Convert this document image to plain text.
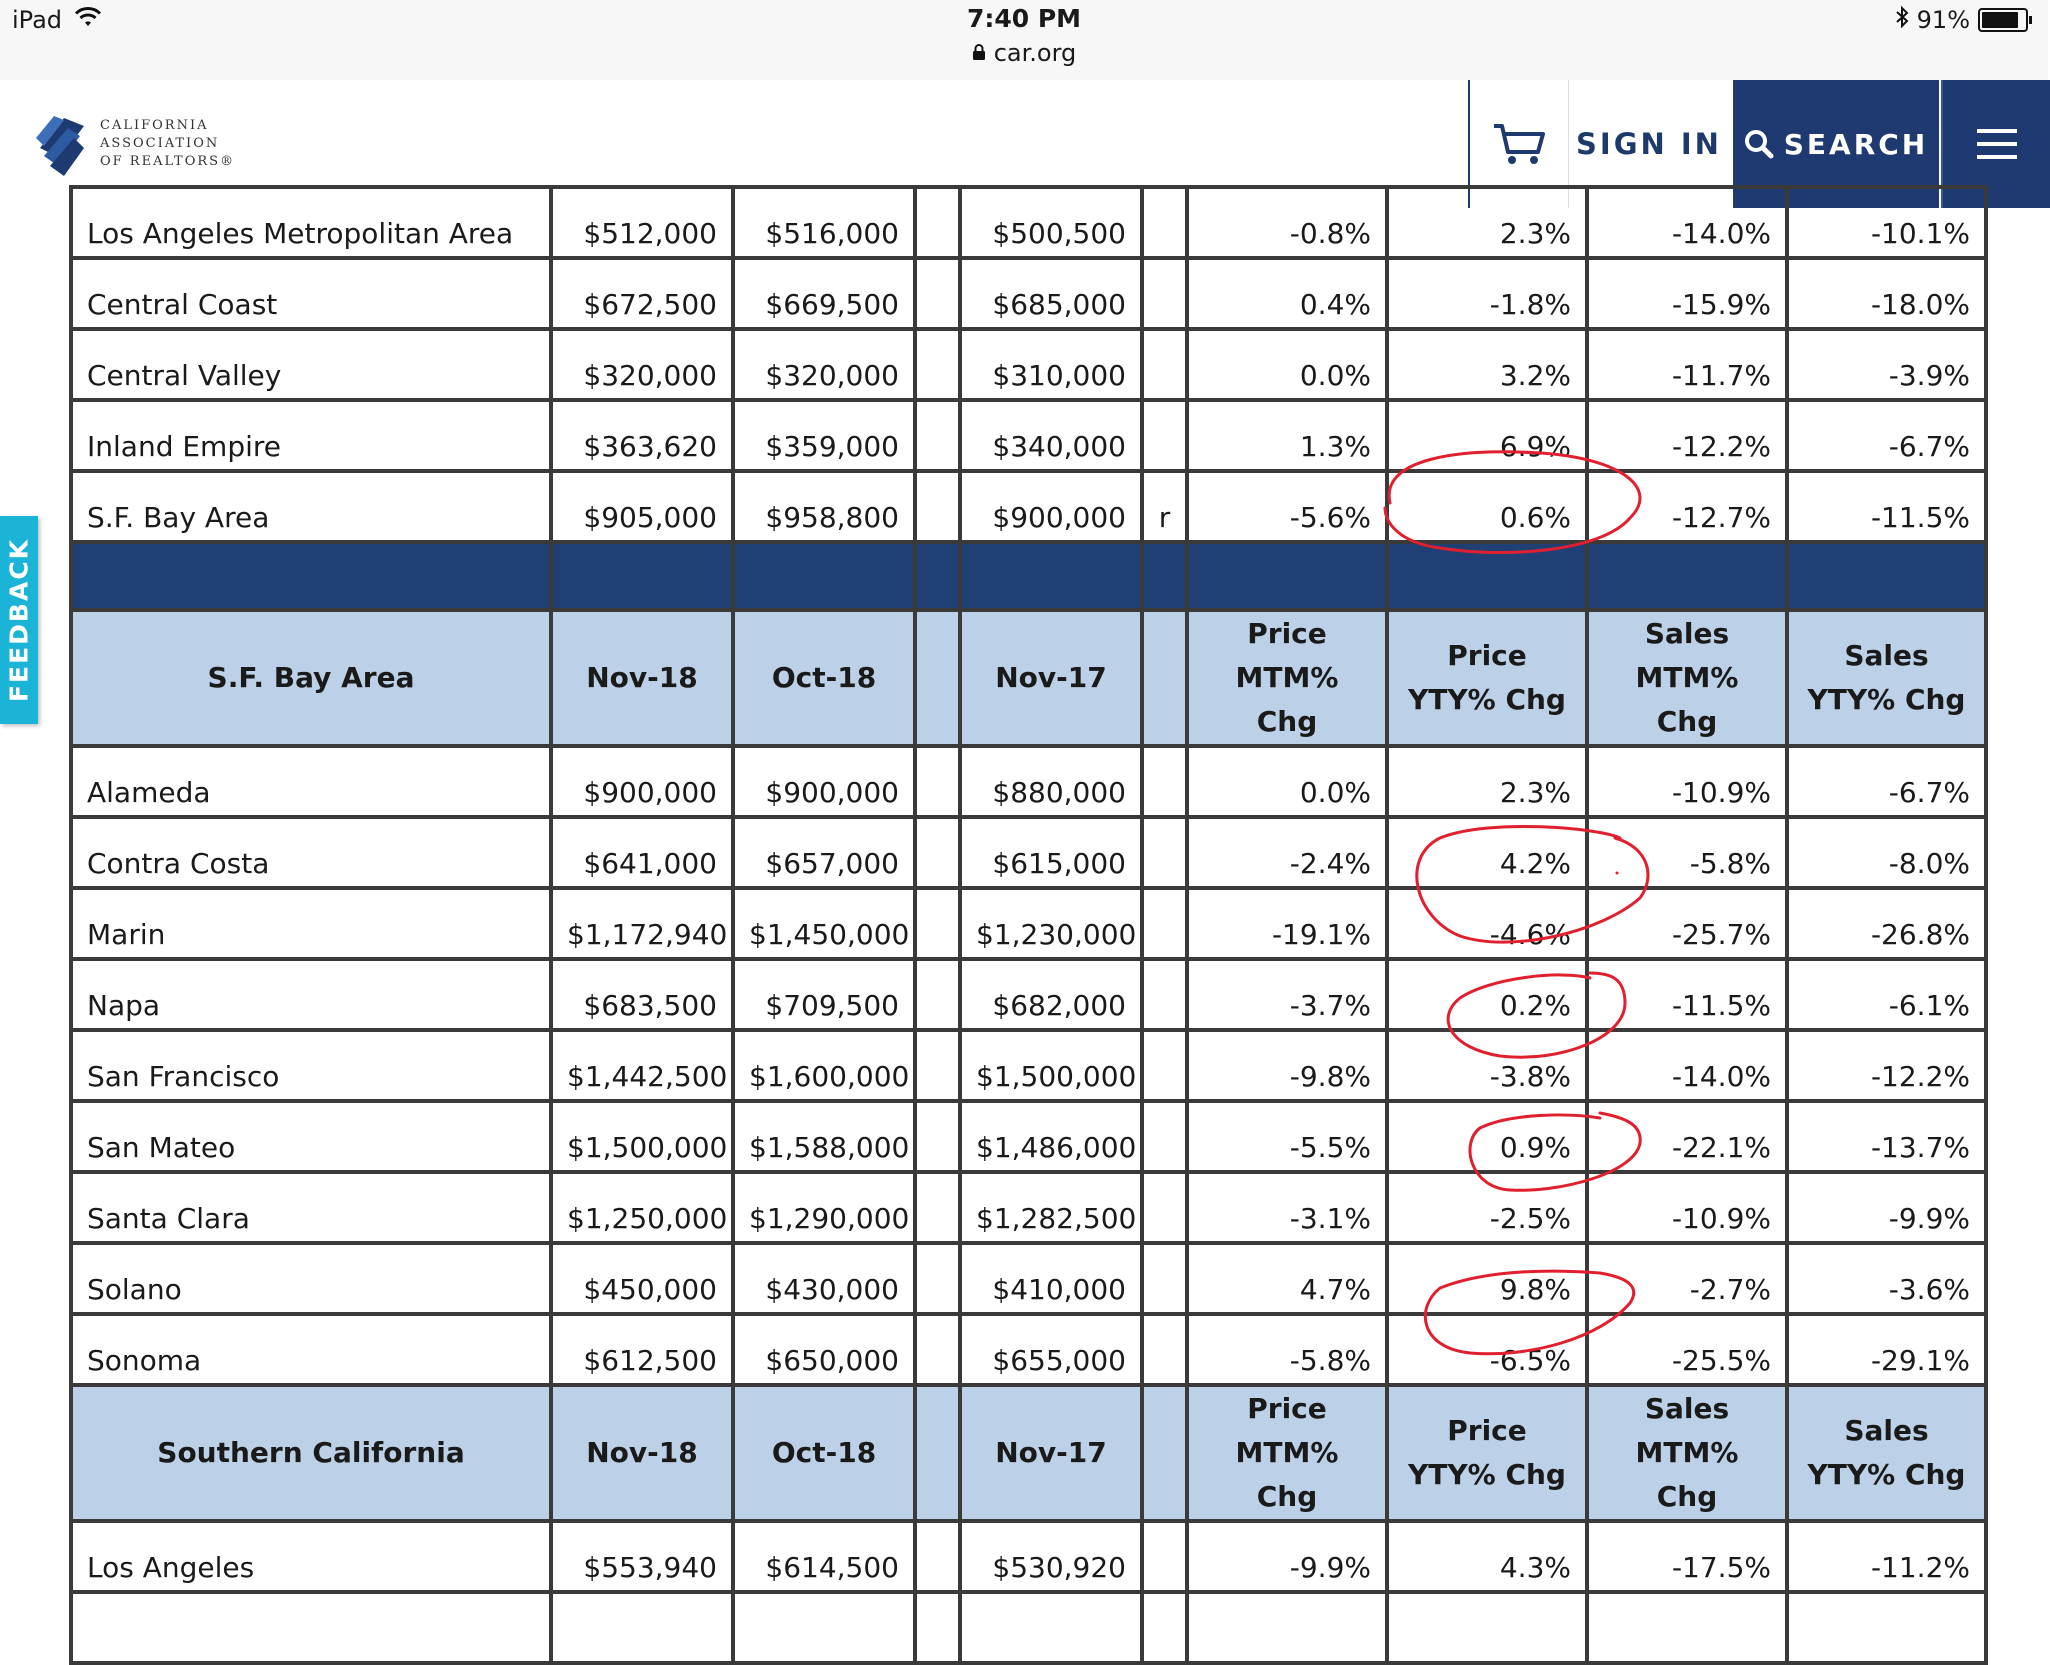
iPad	7:40 PM
car.org
91%
CALIFORNIA
ASSOCIATION
OF REALTORS®
SIGN IN	SEARCH
Los Angeles Metropolitan Area	$512,000	$516,000		$500,500		-0.8%	2.3%	-14.0%	-10.1%
Central Coast	$672,500	$669,500		$685,000		0.4%	-1.8%	-15.9%	-18.0%
Central Valley	$320,000	$320,000		$310,000		0.0%	3.2%	-11.7%	-3.9%
Inland Empire	$363,620	$359,000		$340,000		1.3%	6.9%	-12.2%	-6.7%
S.F. Bay Area	$905,000	$958,800		$900,000	r	-5.6%	0.6%	-12.7%	-11.5%

S.F. Bay Area	Nov-18	Oct-18		Nov-17		Price MTM% Chg	Price YTY% Chg	Sales MTM% Chg	Sales YTY% Chg
Alameda	$900,000	$900,000		$880,000		0.0%	2.3%	-10.9%	-6.7%
Contra Costa	$641,000	$657,000		$615,000		-2.4%	4.2%	-5.8%	-8.0%
Marin	$1,172,940	$1,450,000		$1,230,000		-19.1%	-4.6%	-25.7%	-26.8%
Napa	$683,500	$709,500		$682,000		-3.7%	0.2%	-11.5%	-6.1%
San Francisco	$1,442,500	$1,600,000		$1,500,000		-9.8%	-3.8%	-14.0%	-12.2%
San Mateo	$1,500,000	$1,588,000		$1,486,000		-5.5%	0.9%	-22.1%	-13.7%
Santa Clara	$1,250,000	$1,290,000		$1,282,500		-3.1%	-2.5%	-10.9%	-9.9%
Solano	$450,000	$430,000		$410,000		4.7%	9.8%	-2.7%	-3.6%
Sonoma	$612,500	$650,000		$655,000		-5.8%	-6.5%	-25.5%	-29.1%
Southern California	Nov-18	Oct-18		Nov-17		Price MTM% Chg	Price YTY% Chg	Sales MTM% Chg	Sales YTY% Chg
Los Angeles	$553,940	$614,500		$530,920		-9.9%	4.3%	-17.5%	-11.2%

FEEDBACK
